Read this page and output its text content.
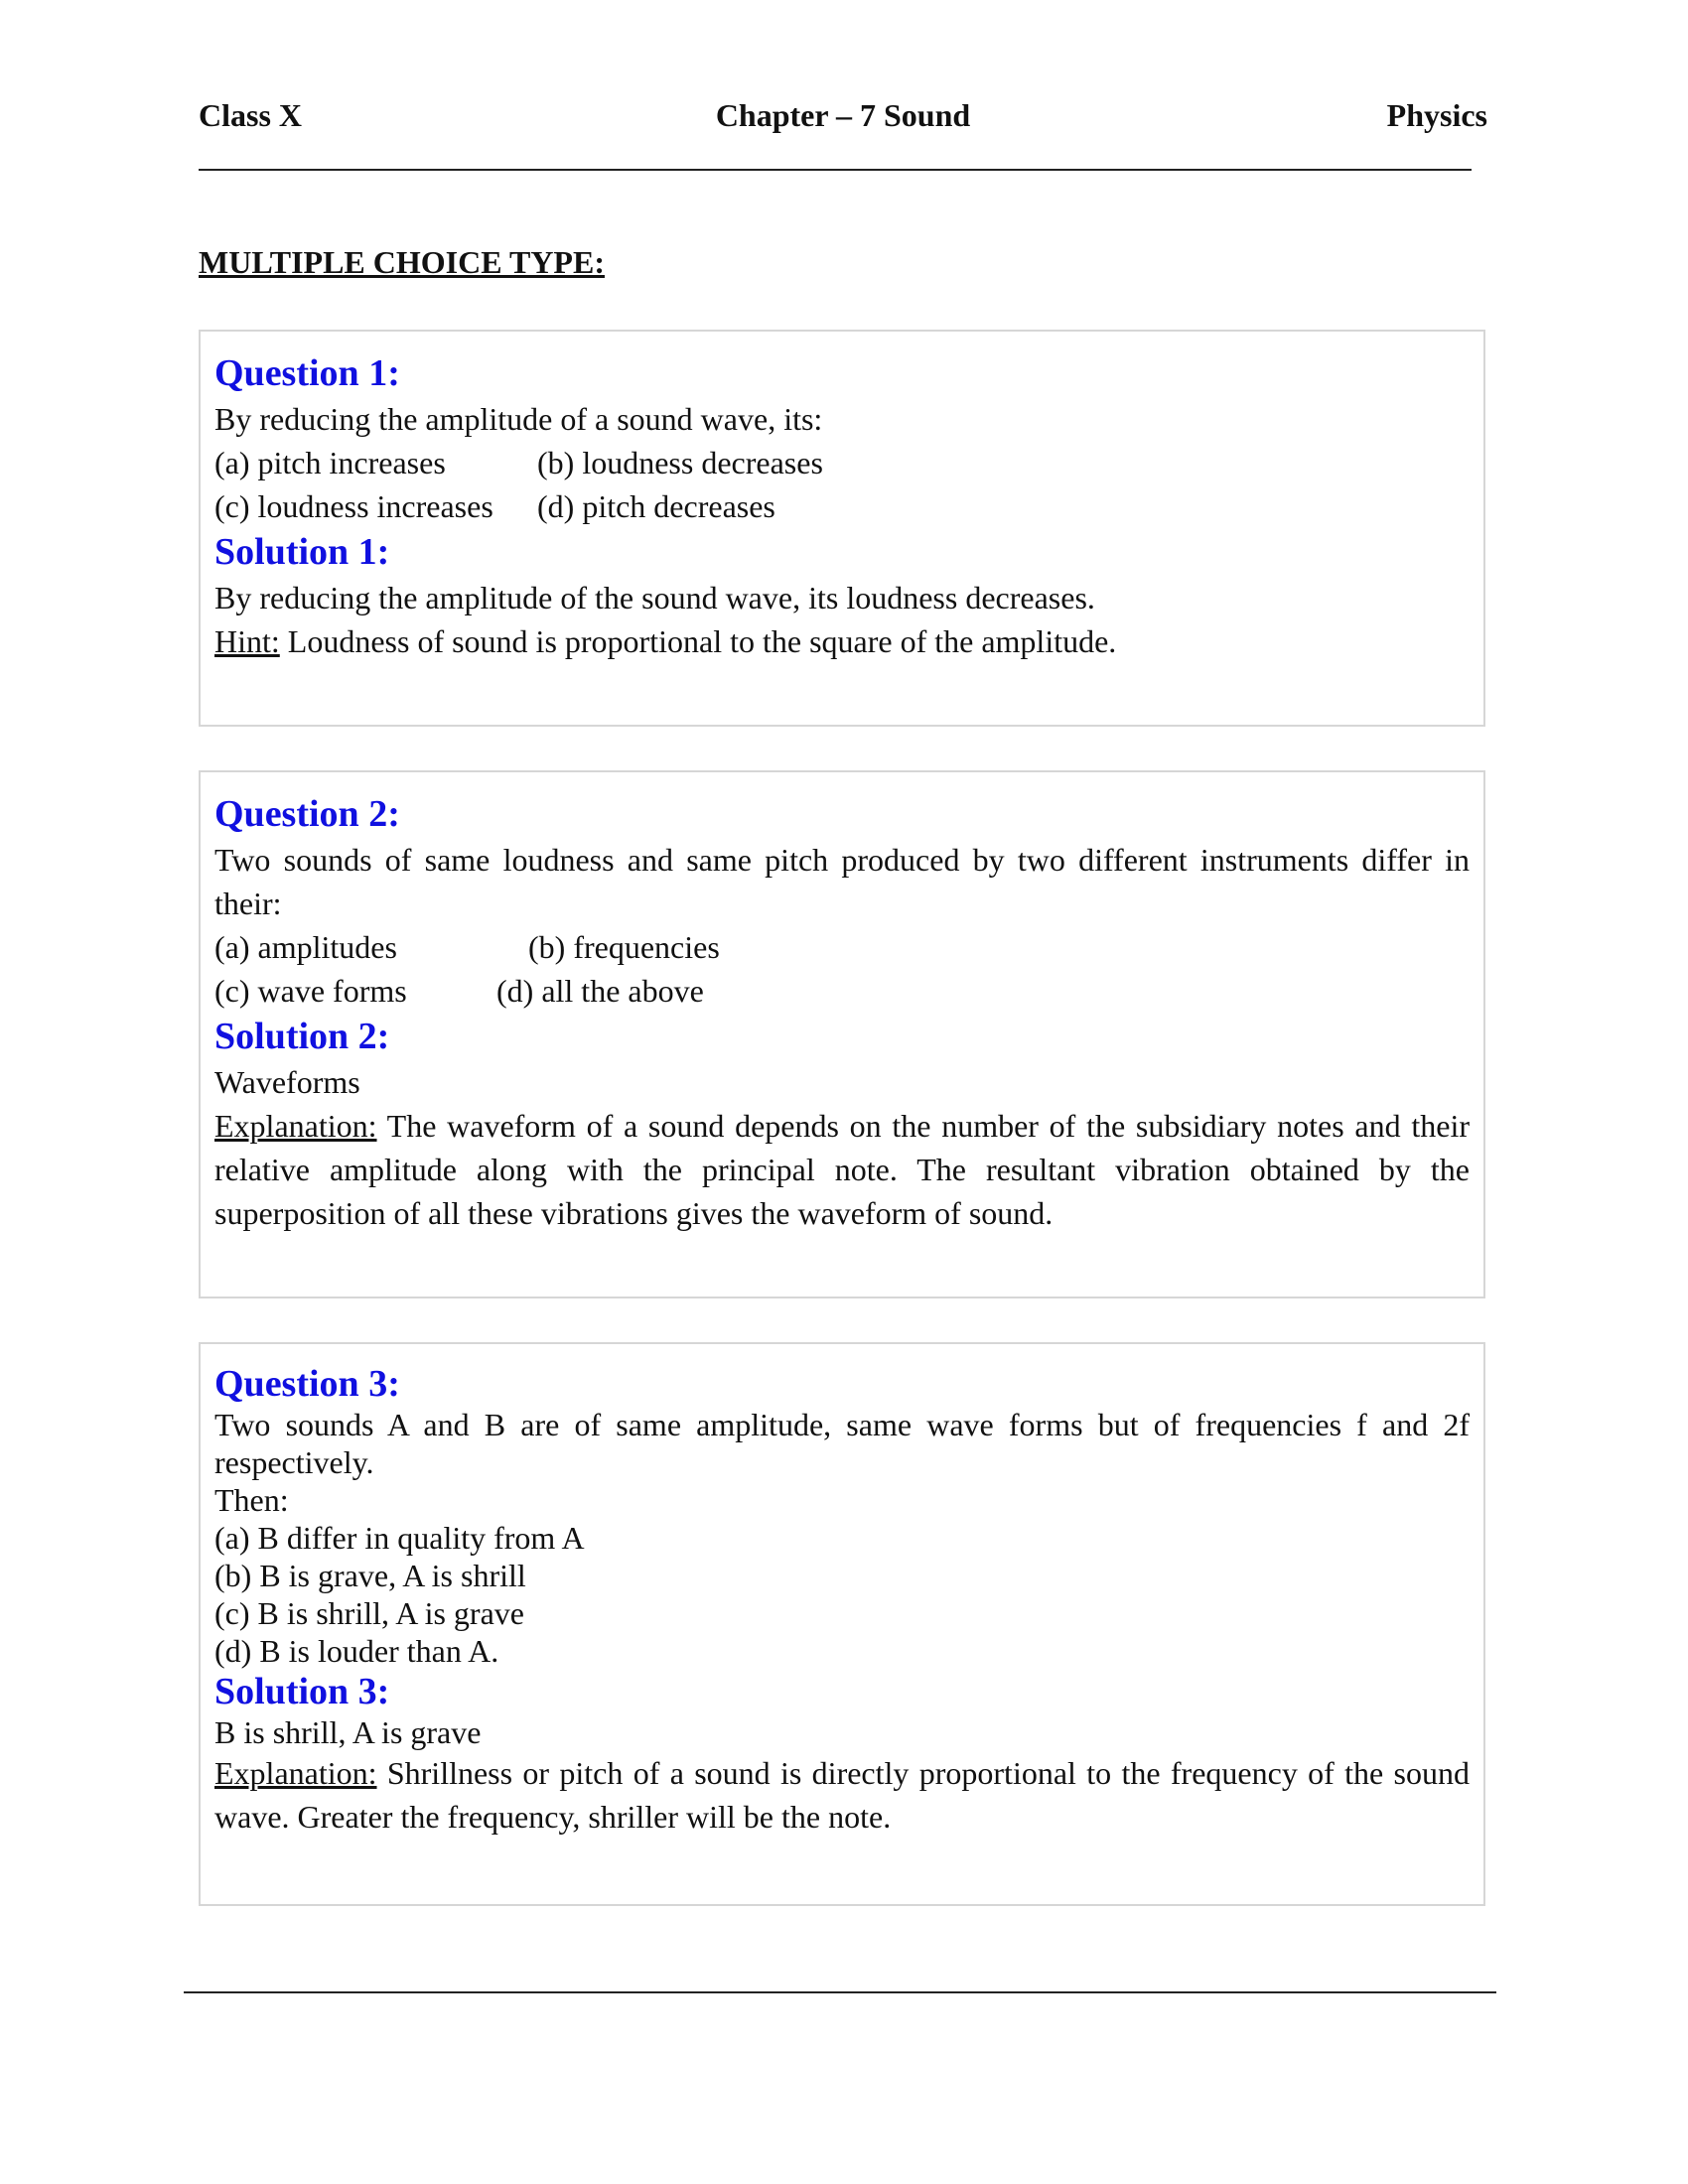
Chapter – 7 Sound
Class X	Physics
MULTIPLE CHOICE TYPE:
Question 1:
By reducing the amplitude of a sound wave, its:
(a) pitch increases	(b) loudness decreases
(c) loudness increases (d) pitch decreases
Solution 1:
By reducing the amplitude of the sound wave, its loudness decreases.
Hint: Loudness of sound is proportional to the square of the amplitude.
Question 2:
Two sounds of same loudness and same pitch produced by two different instruments differ in their:
(a) amplitudes	(b) frequencies
(c) wave forms	(d) all the above
Solution 2:
Waveforms
Explanation: The waveform of a sound depends on the number of the subsidiary notes and their relative amplitude along with the principal note. The resultant vibration obtained by the superposition of all these vibrations gives the waveform of sound.
Question 3:
Two sounds A and B are of same amplitude, same wave forms but of frequencies f and 2f respectively.
Then:
(a) B differ in quality from A
(b) B is grave, A is shrill
(c) B is shrill, A is grave
(d) B is louder than A.
Solution 3:
B is shrill, A is grave
Explanation: Shrillness or pitch of a sound is directly proportional to the frequency of the sound wave. Greater the frequency, shriller will be the note.
